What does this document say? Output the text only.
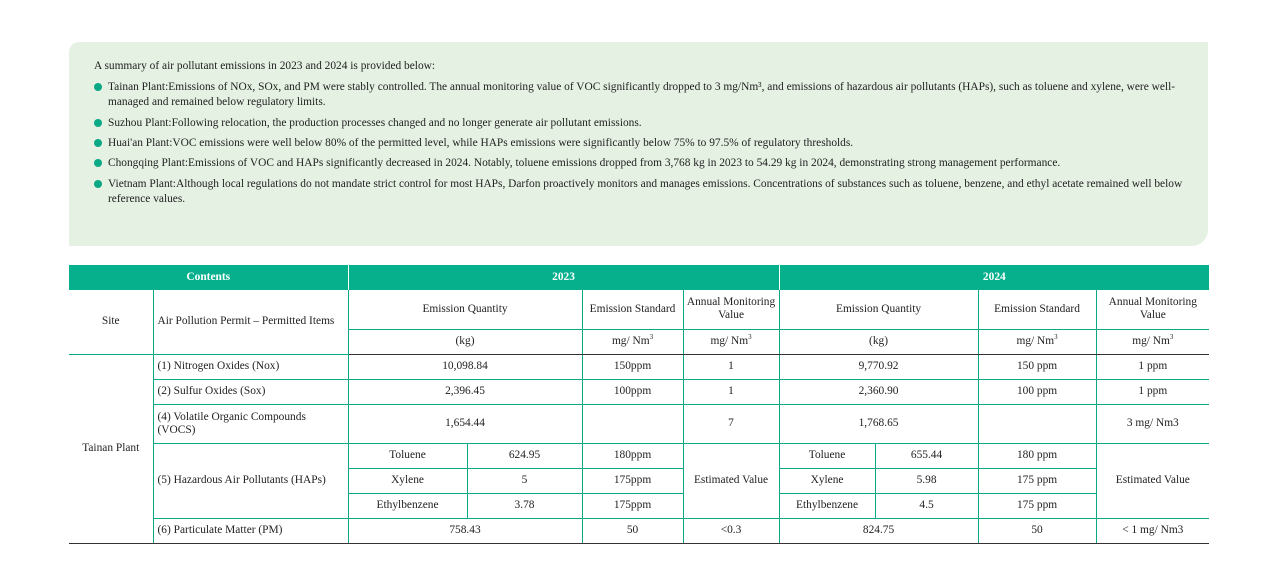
A summary of air pollutant emissions in 2023 and 2024 is provided below:

Tainan Plant:Emissions of NOx, SOx, and PM were stably controlled. The annual monitoring value of VOC significantly dropped to 3 mg/Nm³, and emissions of hazardous air pollutants (HAPs), such as toluene and xylene, were well-managed and remained below regulatory limits.
Suzhou Plant:Following relocation, the production processes changed and no longer generate air pollutant emissions.
Huai'an Plant:VOC emissions were well below 80% of the permitted level, while HAPs emissions were significantly below 75% to 97.5% of regulatory thresholds.
Chongqing Plant:Emissions of VOC and HAPs significantly decreased in 2024. Notably, toluene emissions dropped from 3,768 kg in 2023 to 54.29 kg in 2024, demonstrating strong management performance.
Vietnam Plant:Although local regulations do not mandate strict control for most HAPs, Darfon proactively monitors and manages emissions. Concentrations of substances such as toluene, benzene, and ethyl acetate remained well below reference values.
Contents		2023				2024			
Site	Air Pollution Permit – Permitted Items	Emission Quantity		Emission Standard	Annual Monitoring Value	Emission Quantity		Emission Standard	Annual Monitoring Value
		(kg)		mg/ Nm$^3$	mg/ Nm$^3$	(kg)		mg/ Nm$^3$	mg/ Nm$^3$
Tainan Plant	(1) Nitrogen Oxides (Nox)	10,098.84		150ppm	1	9,770.92		150 ppm	1 ppm
	(2) Sulfur Oxides (Sox)	2,396.45		100ppm	1	2,360.90		100 ppm	1 ppm
	(4) Volatile Organic Compounds (VOCS)	1,654.44			7	1,768.65			3 mg/ Nm3
	(5) Hazardous Air Pollutants (HAPs)	Toluene	624.95	180ppm	Estimated Value	Toluene	655.44	180 ppm	Estimated Value
		Xylene	5	175ppm		Xylene	5.98	175 ppm	
		Ethylbenzene	3.78	175ppm		Ethylbenzene	4.5	175 ppm	
	(6) Particulate Matter (PM)	758.43		50	<0.3	824.75		50	< 1 mg/ Nm3
